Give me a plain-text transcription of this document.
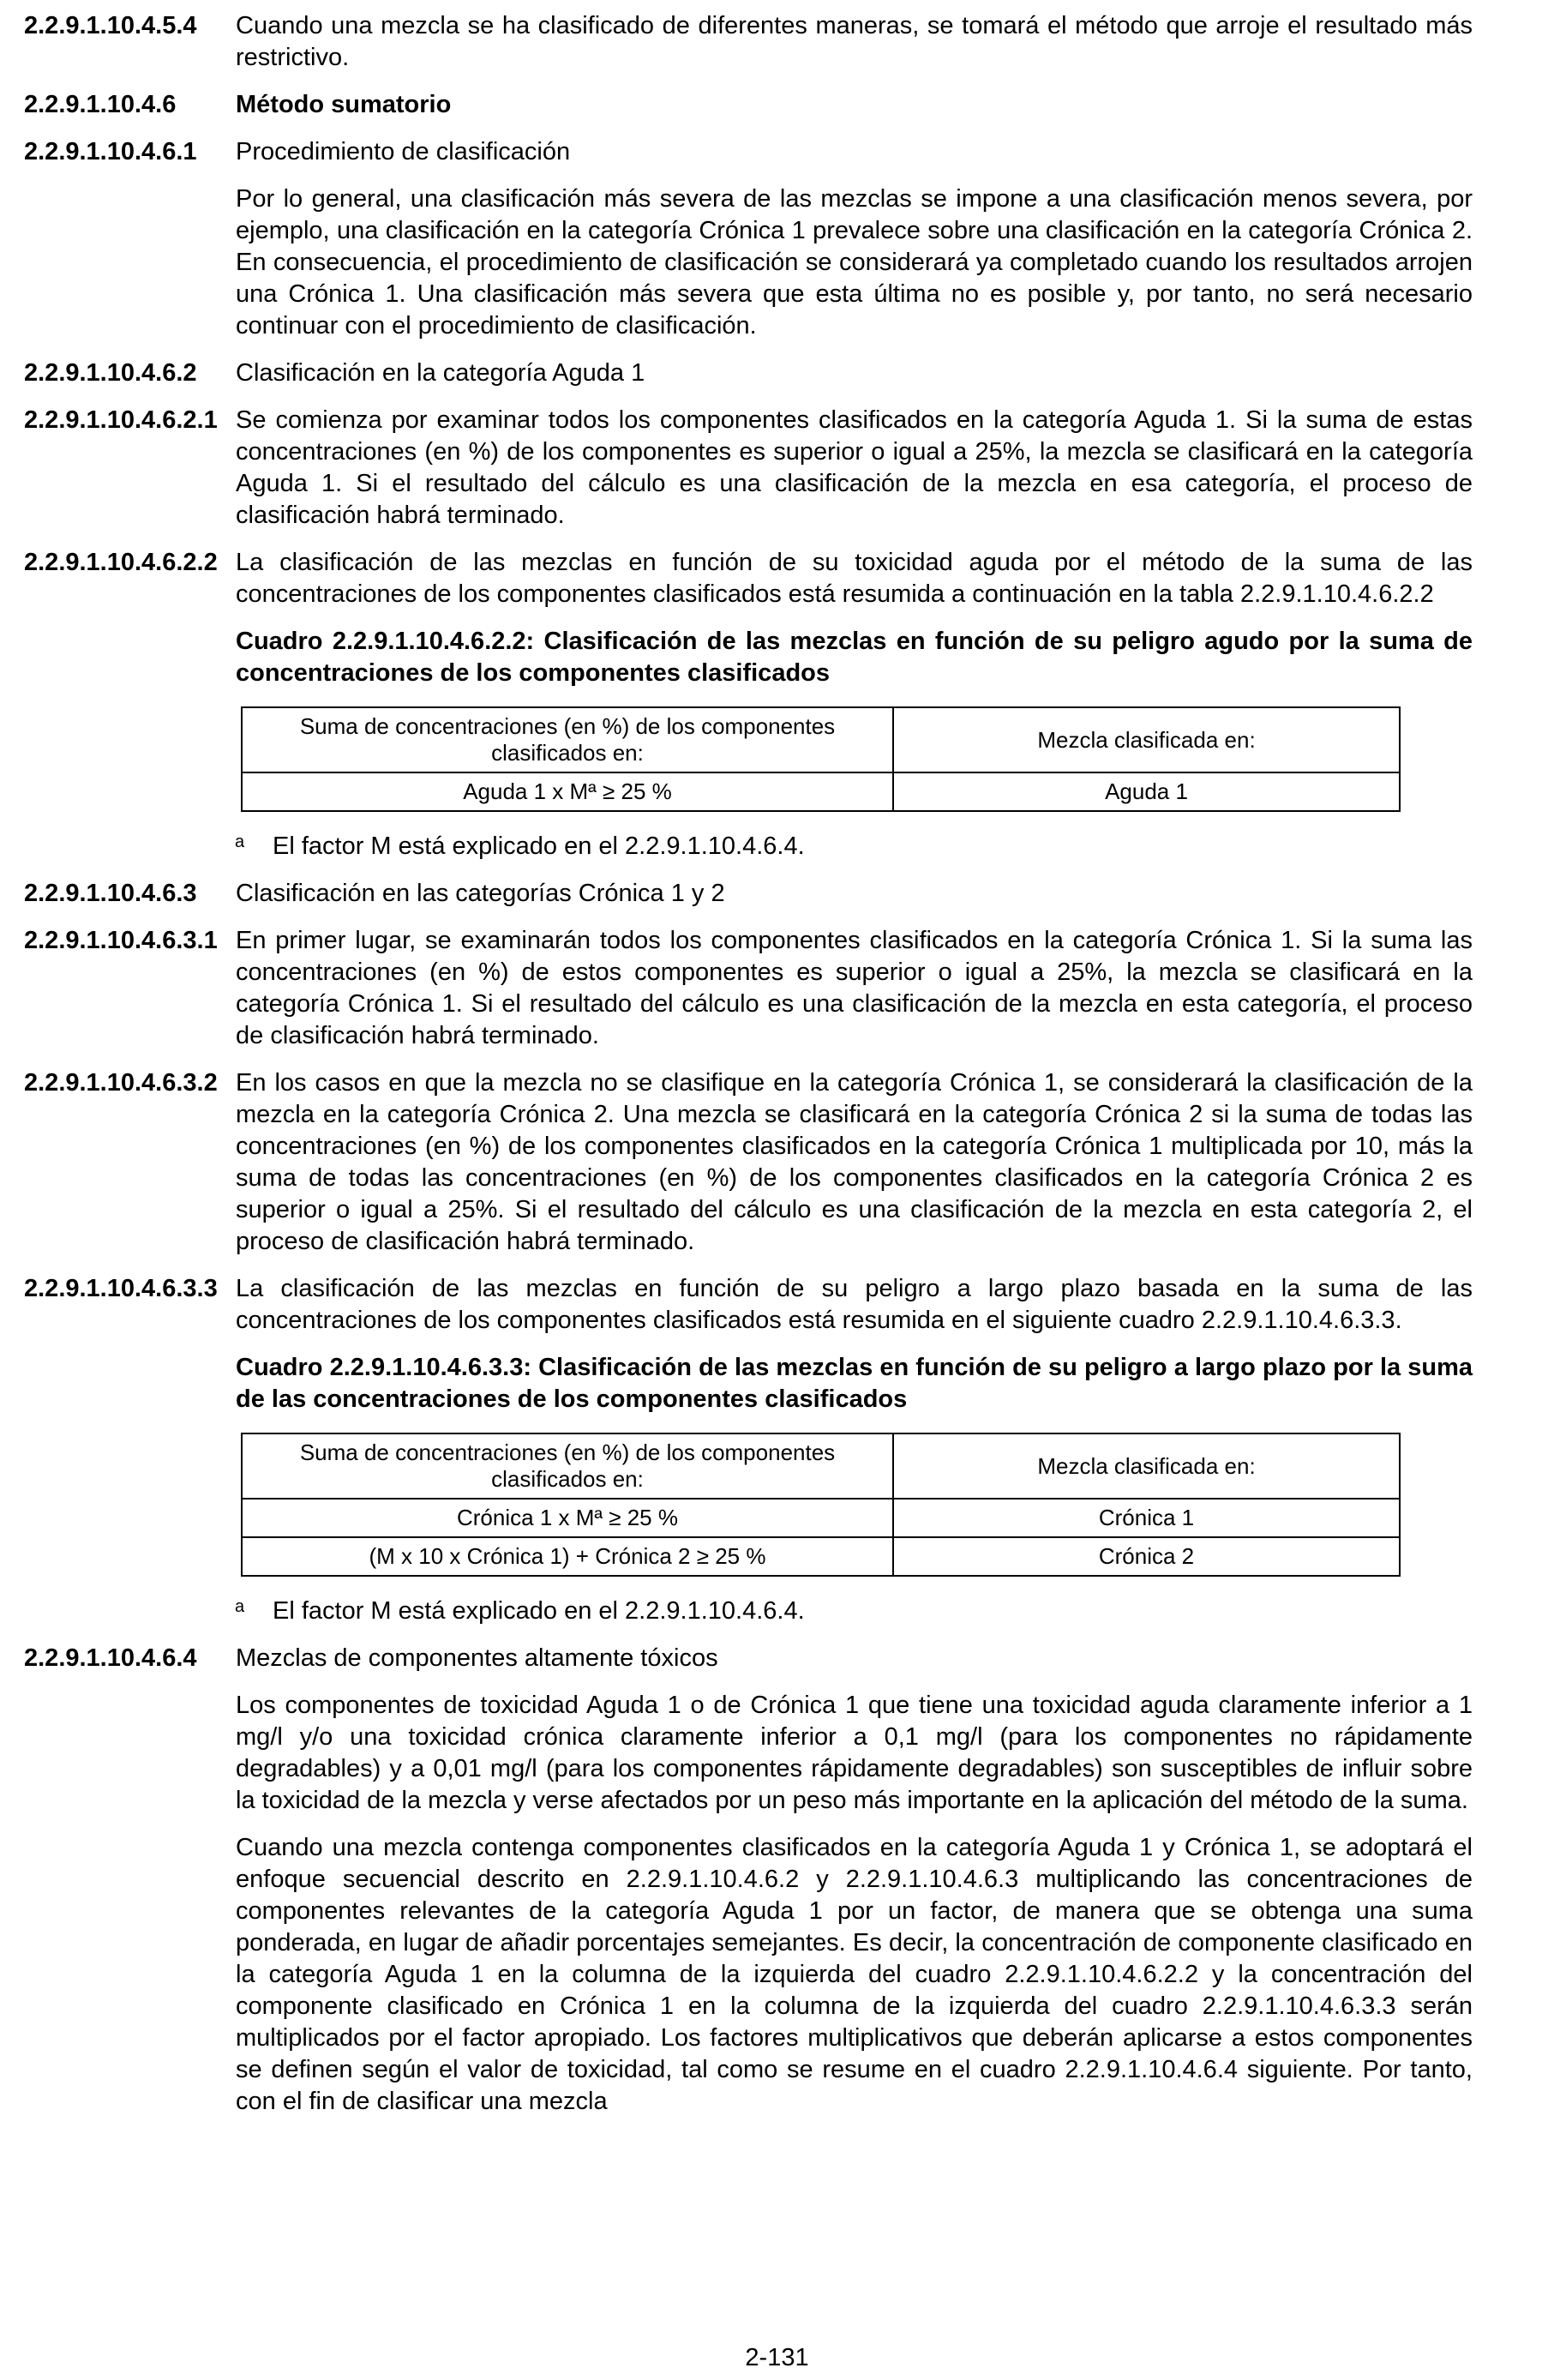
2.2.9.1.10.4.5.4	Cuando una mezcla se ha clasificado de diferentes maneras, se tomará el método que arroje el resultado más restrictivo.
2.2.9.1.10.4.6	Método sumatorio
2.2.9.1.10.4.6.1	Procedimiento de clasificación
Por lo general, una clasificación más severa de las mezclas se impone a una clasificación menos severa, por ejemplo, una clasificación en la categoría Crónica 1 prevalece sobre una clasificación en la categoría Crónica 2. En consecuencia, el procedimiento de clasificación se considerará ya completado cuando los resultados arrojen una Crónica 1. Una clasificación más severa que esta última no es posible y, por tanto, no será necesario continuar con el procedimiento de clasificación.
2.2.9.1.10.4.6.2	Clasificación en la categoría Aguda 1
2.2.9.1.10.4.6.2.1 Se comienza por examinar todos los componentes clasificados en la categoría Aguda 1. Si la suma de estas concentraciones (en %) de los componentes es superior o igual a 25%, la mezcla se clasificará en la categoría Aguda 1. Si el resultado del cálculo es una clasificación de la mezcla en esa categoría, el proceso de clasificación habrá terminado.
2.2.9.1.10.4.6.2.2 La clasificación de las mezclas en función de su toxicidad aguda por el método de la suma de las concentraciones de los componentes clasificados está resumida a continuación en la tabla 2.2.9.1.10.4.6.2.2
Cuadro 2.2.9.1.10.4.6.2.2: Clasificación de las mezclas en función de su peligro agudo por la suma de concentraciones de los componentes clasificados
Suma de concentraciones (en %) de los componentes clasificados en:	Mezcla clasificada en:
Aguda 1 x Mª ≥ 25 %	Aguda 1
a	El factor M está explicado en el 2.2.9.1.10.4.6.4.
2.2.9.1.10.4.6.3	Clasificación en las categorías Crónica 1 y 2
2.2.9.1.10.4.6.3.1 En primer lugar, se examinarán todos los componentes clasificados en la categoría Crónica 1. Si la suma las concentraciones (en %) de estos componentes es superior o igual a 25%, la mezcla se clasificará en la categoría Crónica 1. Si el resultado del cálculo es una clasificación de la mezcla en esta categoría, el proceso de clasificación habrá terminado.
2.2.9.1.10.4.6.3.2 En los casos en que la mezcla no se clasifique en la categoría Crónica 1, se considerará la clasificación de la mezcla en la categoría Crónica 2. Una mezcla se clasificará en la categoría Crónica 2 si la suma de todas las concentraciones (en %) de los componentes clasificados en la categoría Crónica 1 multiplicada por 10, más la suma de todas las concentraciones (en %) de los componentes clasificados en la categoría Crónica 2 es superior o igual a 25%. Si el resultado del cálculo es una clasificación de la mezcla en esta categoría 2, el proceso de clasificación habrá terminado.
2.2.9.1.10.4.6.3.3 La clasificación de las mezclas en función de su peligro a largo plazo basada en la suma de las concentraciones de los componentes clasificados está resumida en el siguiente cuadro 2.2.9.1.10.4.6.3.3.
Cuadro 2.2.9.1.10.4.6.3.3: Clasificación de las mezclas en función de su peligro a largo plazo por la suma de las concentraciones de los componentes clasificados
Suma de concentraciones (en %) de los componentes clasificados en:	Mezcla clasificada en:
Crónica 1 x Mª ≥ 25 %	Crónica 1
(M x 10 x Crónica 1) + Crónica 2 ≥ 25 %	Crónica 2
a	El factor M está explicado en el 2.2.9.1.10.4.6.4.
2.2.9.1.10.4.6.4	Mezclas de componentes altamente tóxicos
Los componentes de toxicidad Aguda 1 o de Crónica 1 que tiene una toxicidad aguda claramente inferior a 1 mg/l y/o una toxicidad crónica claramente inferior a 0,1 mg/l (para los componentes no rápidamente degradables) y a 0,01 mg/l (para los componentes rápidamente degradables) son susceptibles de influir sobre la toxicidad de la mezcla y verse afectados por un peso más importante en la aplicación del método de la suma.
Cuando una mezcla contenga componentes clasificados en la categoría Aguda 1 y Crónica 1, se adoptará el enfoque secuencial descrito en 2.2.9.1.10.4.6.2 y 2.2.9.1.10.4.6.3 multiplicando las concentraciones de componentes relevantes de la categoría Aguda 1 por un factor, de manera que se obtenga una suma ponderada, en lugar de añadir porcentajes semejantes. Es decir, la concentración de componente clasificado en la categoría Aguda 1 en la columna de la izquierda del cuadro 2.2.9.1.10.4.6.2.2 y la concentración del componente clasificado en Crónica 1 en la columna de la izquierda del cuadro 2.2.9.1.10.4.6.3.3 serán multiplicados por el factor apropiado. Los factores multiplicativos que deberán aplicarse a estos componentes se definen según el valor de toxicidad, tal como se resume en el cuadro 2.2.9.1.10.4.6.4 siguiente. Por tanto, con el fin de clasificar una mezcla
2-131
